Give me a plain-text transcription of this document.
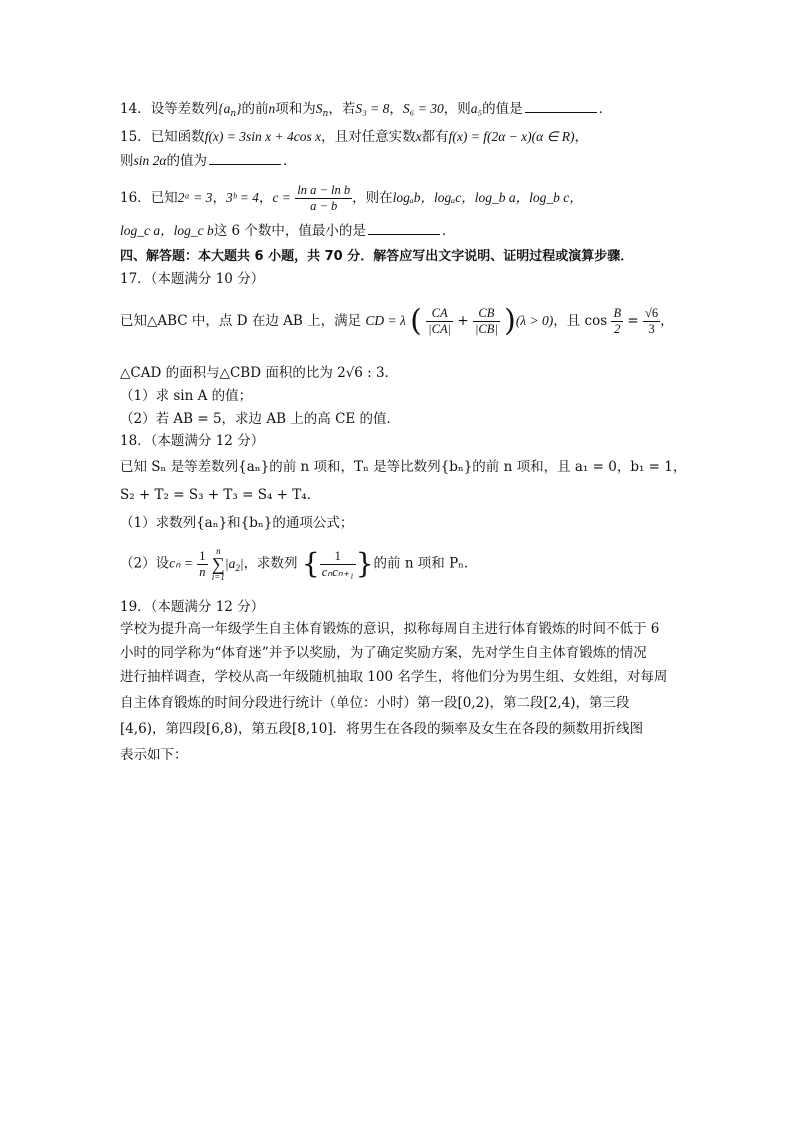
14．设等差数列$\{a_n\}$的前n项和为$S_n$，若S₃ = 8，S₆ = 30，则a₅的值是	．
15．已知函数f(x) = 3sin x + 4cos x，且对任意实数x都有f(x) = f(2α − x)(α ∈ R)，
则sin 2α的值为	．
16．已知2ᵃ = 3，3ᵇ = 4，$c = \frac{\text{ln a − ln b}}{a - b}$ ，则在logₐb，logₐc，log_b a，log_b c，
log_c a，log_c b这 6 个数中，值最小的是	．
四、解答题：本大题共 6 小题，共 70 分．解答应写出文字说明、证明过程或演算步骤．
17．（本题满分 10 分）
已知△ABC 中，点 D 在边 AB 上，满足 CD = λ ( $\frac{CA}{|CA|} + \frac{CB}{|CB|} )(\lambda > 0)$，且 $\cos \frac{B}{2} = \frac{√6}{3}$ ，
△CAD 的面积与△CBD 面积的比为 2√6 : 3．
（1）求 sin A 的值；
（2）若 AB = 5，求边 AB 上的高 CE 的值．
18．（本题满分 12 分）
已知 Sₙ 是等差数列{aₙ}的前 n 项和，Tₙ 是等比数列{bₙ}的前 n 项和，且 a₁ = 0，b₁ = 1，
S₂ + T₂ = S₃ + T₃ = S₄ + T₄．
（1）求数列{aₙ}和{bₙ}的通项公式；
（2）设$c_n = \frac{1}{n}$
n
∑
i=1
$|a_2|$，求数列 { $\frac{1}{\text{cₙcₙ₊₁}}$ }的前 n 项和 Pₙ．
19．（本题满分 12 分）
学校为提升高一年级学生自主体育锻炼的意识，拟称每周自主进行体育锻炼的时间不低于 6
小时的同学称为“体育迷”并予以奖励，为了确定奖励方案，先对学生自主体育锻炼的情况
进行抽样调查，学校从高一年级随机抽取 100 名学生，将他们分为男生组、女姓组，对每周
自主体育锻炼的时间分段进行统计（单位：小时）第一段[0,2)，第二段[2,4)，第三段
[4,6)，第四段[6,8)，第五段[8,10]．将男生在各段的频率及女生在各段的频数用折线图
表示如下：
